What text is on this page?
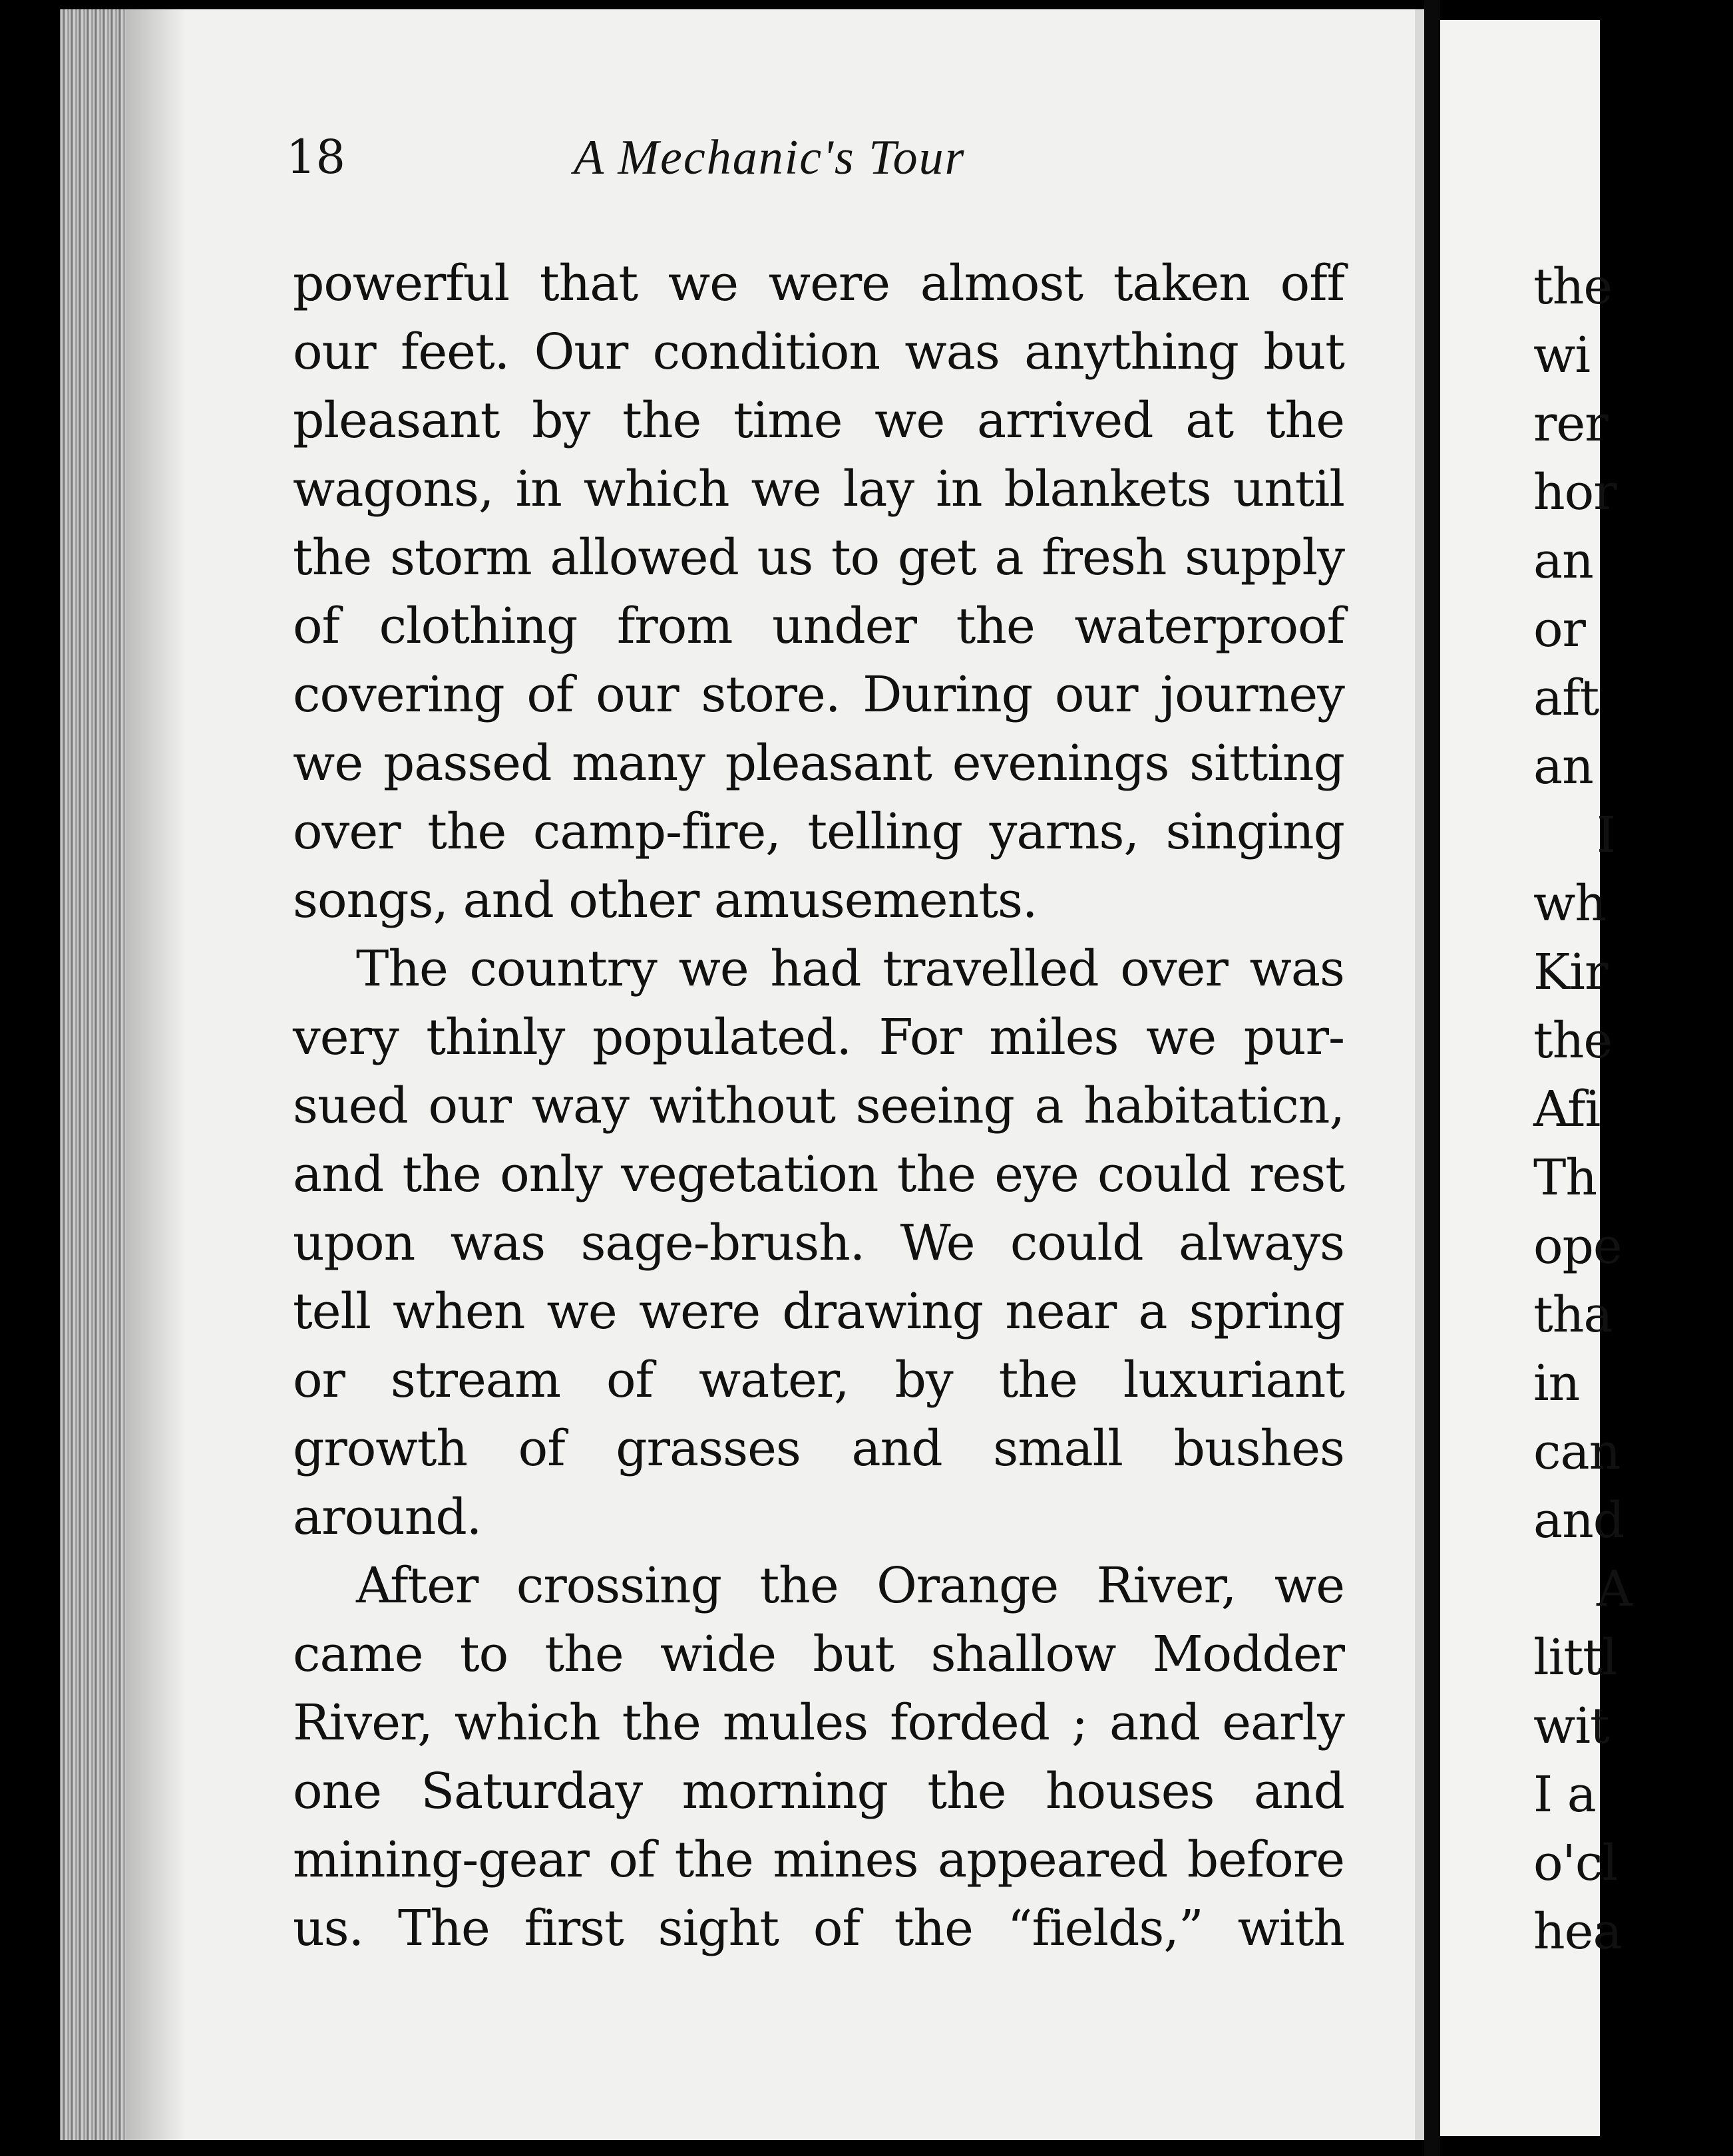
the
wi
rer
hor
an
or
aft
an
I
wh
Kir
the
Afi
Th
ope
tha
in
can
and
A
littl
wit
I a
o'cl
hea
18	A Mechanic's Tour
powerful that we were almost taken off
our feet. Our condition was anything but
pleasant by the time we arrived at the
wagons, in which we lay in blankets until
the storm allowed us to get a fresh supply
of clothing from under the waterproof
covering of our store. During our journey
we passed many pleasant evenings sitting
over the camp-fire, telling yarns, singing
songs, and other amusements.
The country we had travelled over was
very thinly populated. For miles we pur-
sued our way without seeing a habitaticn,
and the only vegetation the eye could rest
upon was sage-brush. We could always
tell when we were drawing near a spring
or stream of water, by the luxuriant
growth of grasses and small bushes
around.
After crossing the Orange River, we
came to the wide but shallow Modder
River, which the mules forded ; and early
one Saturday morning the houses and
mining-gear of the mines appeared before
us. The first sight of the “fields,” with
